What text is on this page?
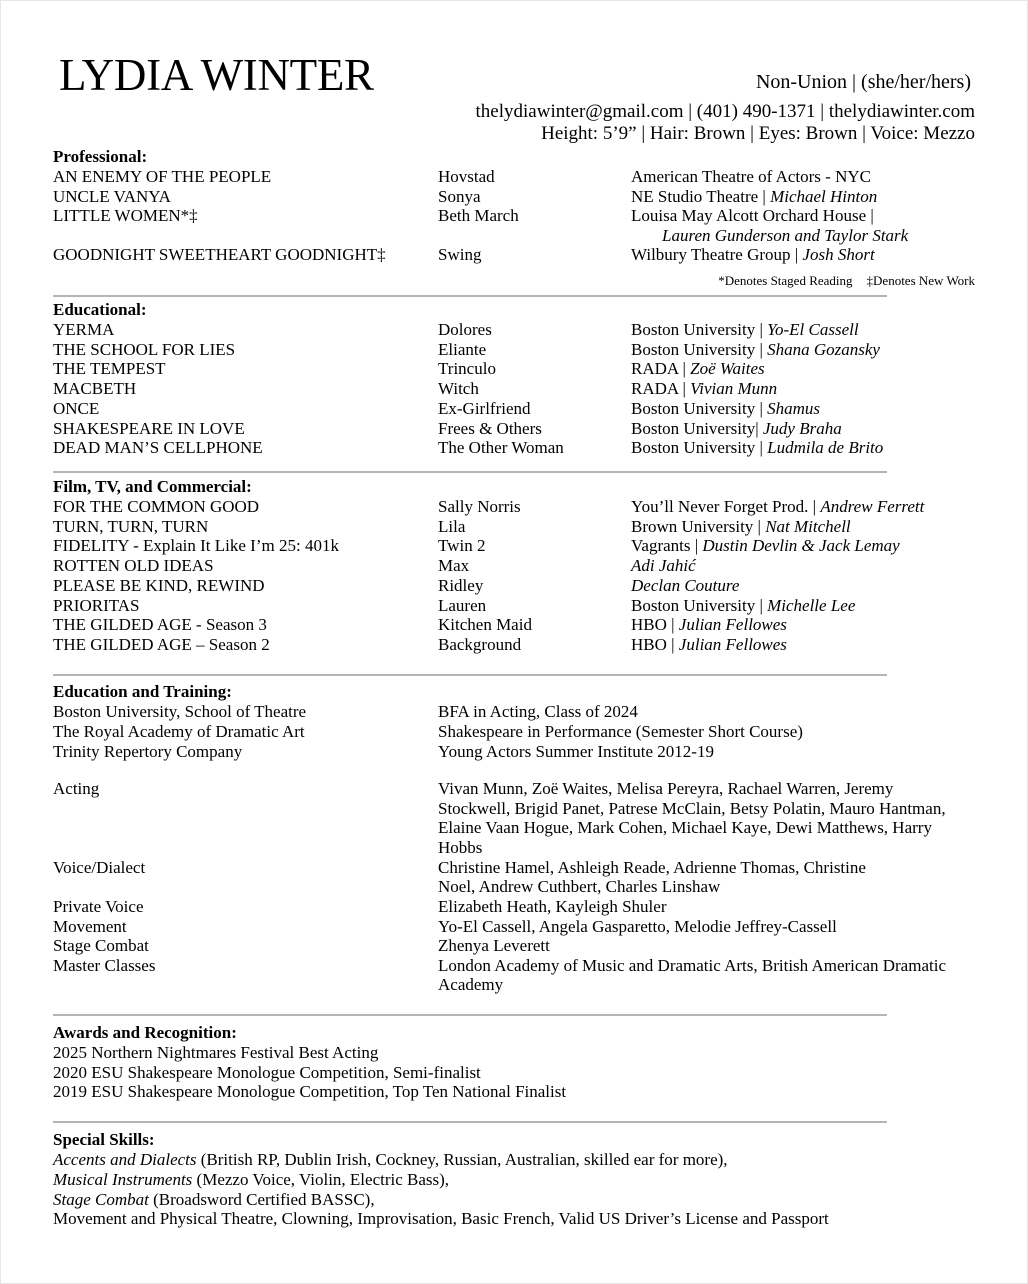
LYDIA WINTER	Non-Union | (she/her/hers)
thelydiawinter@gmail.com | (401) 490-1371 | thelydiawinter.com
Height: 5’9” | Hair: Brown | Eyes: Brown | Voice: Mezzo
Professional:
AN ENEMY OF THE PEOPLE	Hovstad	American Theatre of Actors - NYC
UNCLE VANYA	Sonya	NE Studio Theatre | Michael Hinton
LITTLE WOMEN*‡	Beth March	Louisa May Alcott Orchard House |
Lauren Gunderson and Taylor Stark
GOODNIGHT SWEETHEART GOODNIGHT‡	Swing	Wilbury Theatre Group | Josh Short
*Denotes Staged Reading ‡Denotes New Work
Educational:
YERMA	Dolores	Boston University | Yo-El Cassell
THE SCHOOL FOR LIES	Eliante	Boston University | Shana Gozansky
THE TEMPEST	Trinculo	RADA | Zoë Waites
MACBETH	Witch	RADA | Vivian Munn
ONCE	Ex-Girlfriend	Boston University | Shamus
SHAKESPEARE IN LOVE	Frees & Others	Boston University| Judy Braha
DEAD MAN’S CELLPHONE	The Other Woman	Boston University | Ludmila de Brito
Film, TV, and Commercial:
FOR THE COMMON GOOD	Sally Norris	You’ll Never Forget Prod. | Andrew Ferrett
TURN, TURN, TURN	Lila	Brown University | Nat Mitchell
FIDELITY - Explain It Like I’m 25: 401k	Twin 2	Vagrants | Dustin Devlin & Jack Lemay
ROTTEN OLD IDEAS	Max	Adi Jahić
PLEASE BE KIND, REWIND	Ridley	Declan Couture
PRIORITAS	Lauren	Boston University | Michelle Lee
THE GILDED AGE - Season 3	Kitchen Maid	HBO | Julian Fellowes
THE GILDED AGE – Season 2	Background	HBO | Julian Fellowes
Education and Training:
Boston University, School of Theatre	BFA in Acting, Class of 2024
The Royal Academy of Dramatic Art	Shakespeare in Performance (Semester Short Course)
Trinity Repertory Company	Young Actors Summer Institute 2012-19
Acting	Vivan Munn, Zoë Waites, Melisa Pereyra, Rachael Warren, Jeremy
Stockwell, Brigid Panet, Patrese McClain, Betsy Polatin, Mauro Hantman,
Elaine Vaan Hogue, Mark Cohen, Michael Kaye, Dewi Matthews, Harry
Hobbs
Voice/Dialect	Christine Hamel, Ashleigh Reade, Adrienne Thomas, Christine
Noel, Andrew Cuthbert, Charles Linshaw
Private Voice	Elizabeth Heath, Kayleigh Shuler
Movement	Yo-El Cassell, Angela Gasparetto, Melodie Jeffrey-Cassell
Stage Combat	Zhenya Leverett
Master Classes	London Academy of Music and Dramatic Arts, British American Dramatic
Academy
Awards and Recognition:
2025 Northern Nightmares Festival Best Acting
2020 ESU Shakespeare Monologue Competition, Semi-finalist
2019 ESU Shakespeare Monologue Competition, Top Ten National Finalist
Special Skills:
Accents and Dialects (British RP, Dublin Irish, Cockney, Russian, Australian, skilled ear for more),
Musical Instruments (Mezzo Voice, Violin, Electric Bass),
Stage Combat (Broadsword Certified BASSC),
Movement and Physical Theatre, Clowning, Improvisation, Basic French, Valid US Driver’s License and Passport
